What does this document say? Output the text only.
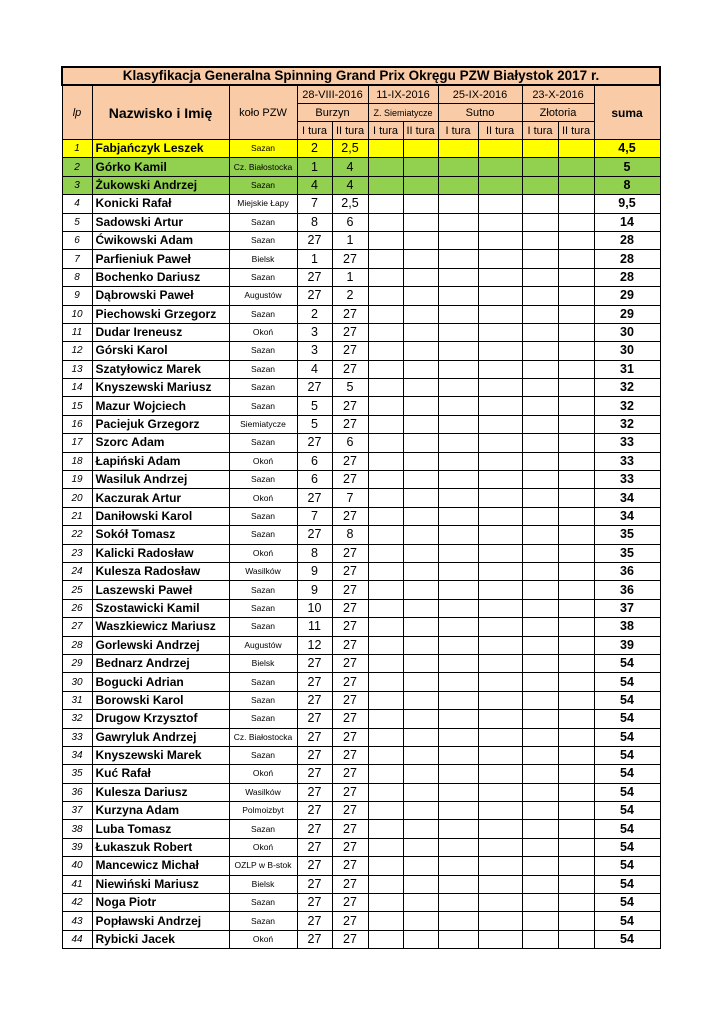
Klasyfikacja Generalna Spinning Grand Prix Okręgu PZW Białystok 2017 r.											
lp	Nazwisko i Imię	koło PZW	28-VIII-2016		11-IX-2016		25-IX-2016		23-X-2016		suma
			Burzyn		Z. Siemiatycze		Sutno		Złotoria		
			I tura	II tura	I tura	II tura	I tura	II tura	I tura	II tura	
1	Fabjańczyk Leszek	Sazan	2	2,5							4,5
2	Górko Kamil	Cz. Białostocka	1	4							5
3	Żukowski Andrzej	Sazan	4	4							8
4	Konicki Rafał	Miejskie Łapy	7	2,5							9,5
5	Sadowski Artur	Sazan	8	6							14
6	Ćwikowski Adam	Sazan	27	1							28
7	Parfieniuk Paweł	Bielsk	1	27							28
8	Bochenko Dariusz	Sazan	27	1							28
9	Dąbrowski Paweł	Augustów	27	2							29
10	Piechowski Grzegorz	Sazan	2	27							29
11	Dudar Ireneusz	Okoń	3	27							30
12	Górski Karol	Sazan	3	27							30
13	Szatyłowicz Marek	Sazan	4	27							31
14	Knyszewski Mariusz	Sazan	27	5							32
15	Mazur Wojciech	Sazan	5	27							32
16	Paciejuk Grzegorz	Siemiatycze	5	27							32
17	Szorc Adam	Sazan	27	6							33
18	Łapiński Adam	Okoń	6	27							33
19	Wasiluk Andrzej	Sazan	6	27							33
20	Kaczurak Artur	Okoń	27	7							34
21	Daniłowski Karol	Sazan	7	27							34
22	Sokół Tomasz	Sazan	27	8							35
23	Kalicki Radosław	Okoń	8	27							35
24	Kulesza Radosław	Wasilków	9	27							36
25	Laszewski Paweł	Sazan	9	27							36
26	Szostawicki Kamil	Sazan	10	27							37
27	Waszkiewicz Mariusz	Sazan	11	27							38
28	Gorlewski Andrzej	Augustów	12	27							39
29	Bednarz Andrzej	Bielsk	27	27							54
30	Bogucki Adrian	Sazan	27	27							54
31	Borowski Karol	Sazan	27	27							54
32	Drugow Krzysztof	Sazan	27	27							54
33	Gawryluk Andrzej	Cz. Białostocka	27	27							54
34	Knyszewski Marek	Sazan	27	27							54
35	Kuć Rafał	Okoń	27	27							54
36	Kulesza Dariusz	Wasilków	27	27							54
37	Kurzyna Adam	Polmoizbyt	27	27							54
38	Luba Tomasz	Sazan	27	27							54
39	Łukaszuk Robert	Okoń	27	27							54
40	Mancewicz Michał	OZLP w B-stok	27	27							54
41	Niewiński Mariusz	Bielsk	27	27							54
42	Noga Piotr	Sazan	27	27							54
43	Popławski Andrzej	Sazan	27	27							54
44	Rybicki Jacek	Okoń	27	27							54
